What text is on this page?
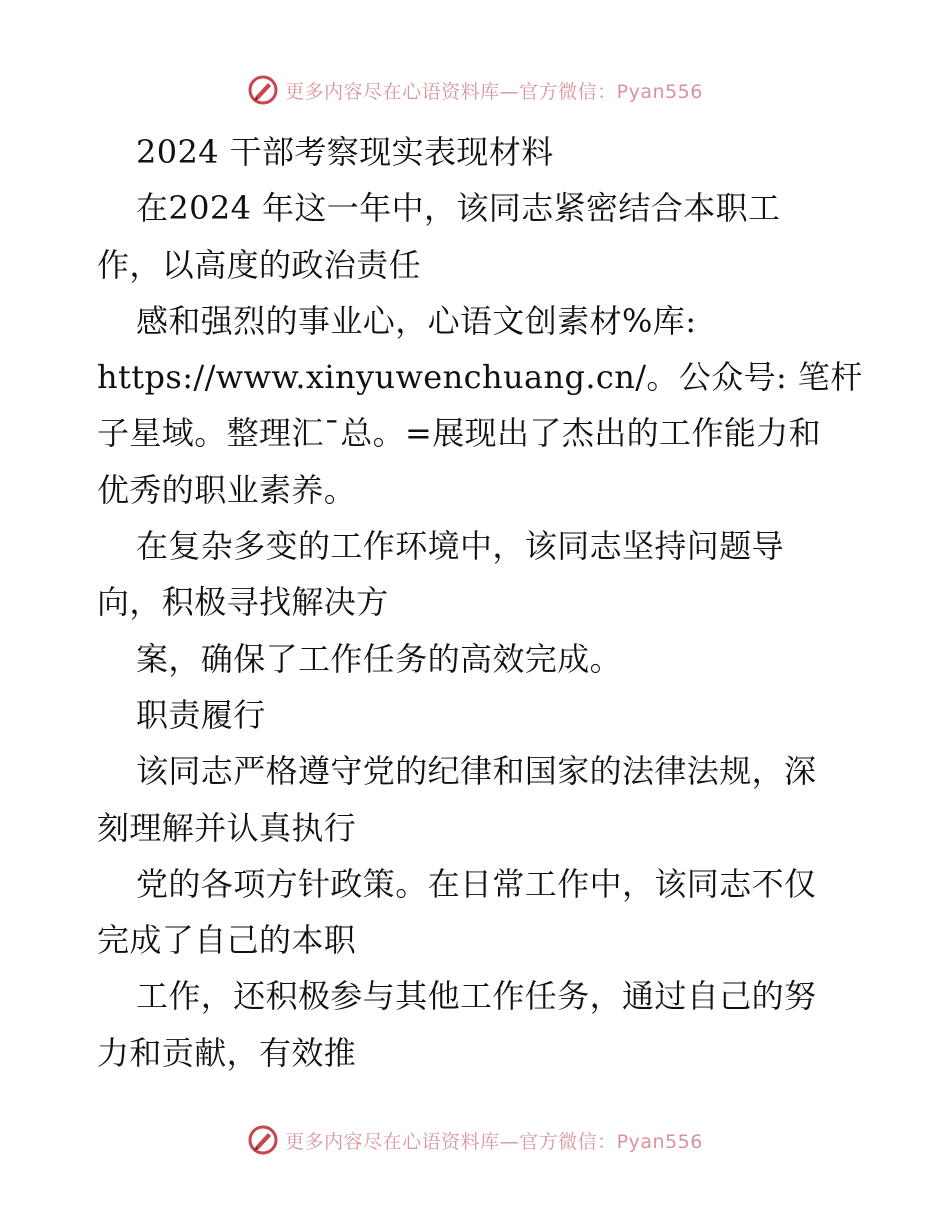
更多内容尽在心语资料库—官方微信：Pyan556
2024 干部考察现实表现材料
在2024 年这一年中，该同志紧密结合本职工
作，以高度的政治责任
感和强烈的事业心，心语文创素材%库:
https://www.xinyuwenchuang.cn/。公众号: 笔杆
子星域。整理汇¯总。=展现出了杰出的工作能力和
优秀的职业素养。
在复杂多变的工作环境中，该同志坚持问题导
向，积极寻找解决方
案，确保了工作任务的高效完成。
职责履行
该同志严格遵守党的纪律和国家的法律法规，深
刻理解并认真执行
党的各项方针政策。在日常工作中，该同志不仅
完成了自己的本职
工作，还积极参与其他工作任务，通过自己的努
力和贡献，有效推
更多内容尽在心语资料库—官方微信：Pyan556
